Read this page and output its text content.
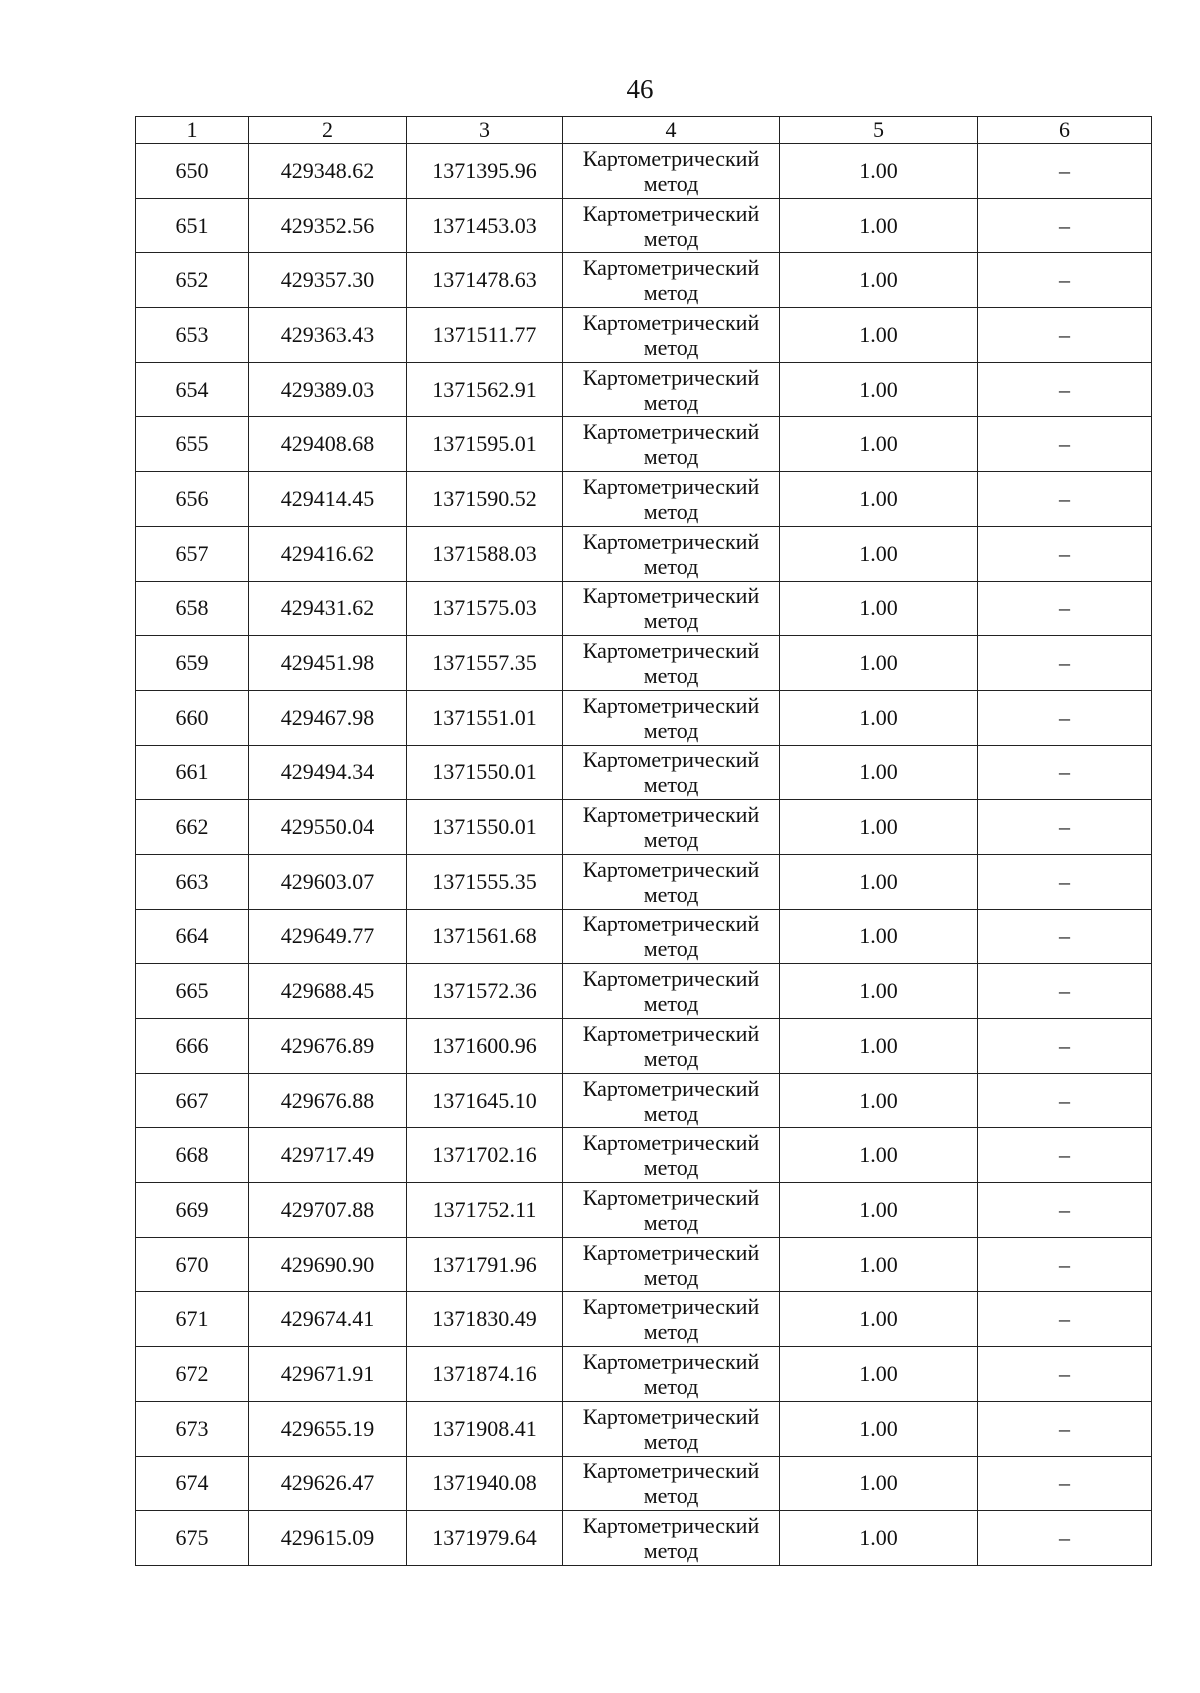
46
1	2	3	4	5	6
650	429348.62	1371395.96	Картометрический метод	1.00	–
651	429352.56	1371453.03	Картометрический метод	1.00	–
652	429357.30	1371478.63	Картометрический метод	1.00	–
653	429363.43	1371511.77	Картометрический метод	1.00	–
654	429389.03	1371562.91	Картометрический метод	1.00	–
655	429408.68	1371595.01	Картометрический метод	1.00	–
656	429414.45	1371590.52	Картометрический метод	1.00	–
657	429416.62	1371588.03	Картометрический метод	1.00	–
658	429431.62	1371575.03	Картометрический метод	1.00	–
659	429451.98	1371557.35	Картометрический метод	1.00	–
660	429467.98	1371551.01	Картометрический метод	1.00	–
661	429494.34	1371550.01	Картометрический метод	1.00	–
662	429550.04	1371550.01	Картометрический метод	1.00	–
663	429603.07	1371555.35	Картометрический метод	1.00	–
664	429649.77	1371561.68	Картометрический метод	1.00	–
665	429688.45	1371572.36	Картометрический метод	1.00	–
666	429676.89	1371600.96	Картометрический метод	1.00	–
667	429676.88	1371645.10	Картометрический метод	1.00	–
668	429717.49	1371702.16	Картометрический метод	1.00	–
669	429707.88	1371752.11	Картометрический метод	1.00	–
670	429690.90	1371791.96	Картометрический метод	1.00	–
671	429674.41	1371830.49	Картометрический метод	1.00	–
672	429671.91	1371874.16	Картометрический метод	1.00	–
673	429655.19	1371908.41	Картометрический метод	1.00	–
674	429626.47	1371940.08	Картометрический метод	1.00	–
675	429615.09	1371979.64	Картометрический метод	1.00	–
